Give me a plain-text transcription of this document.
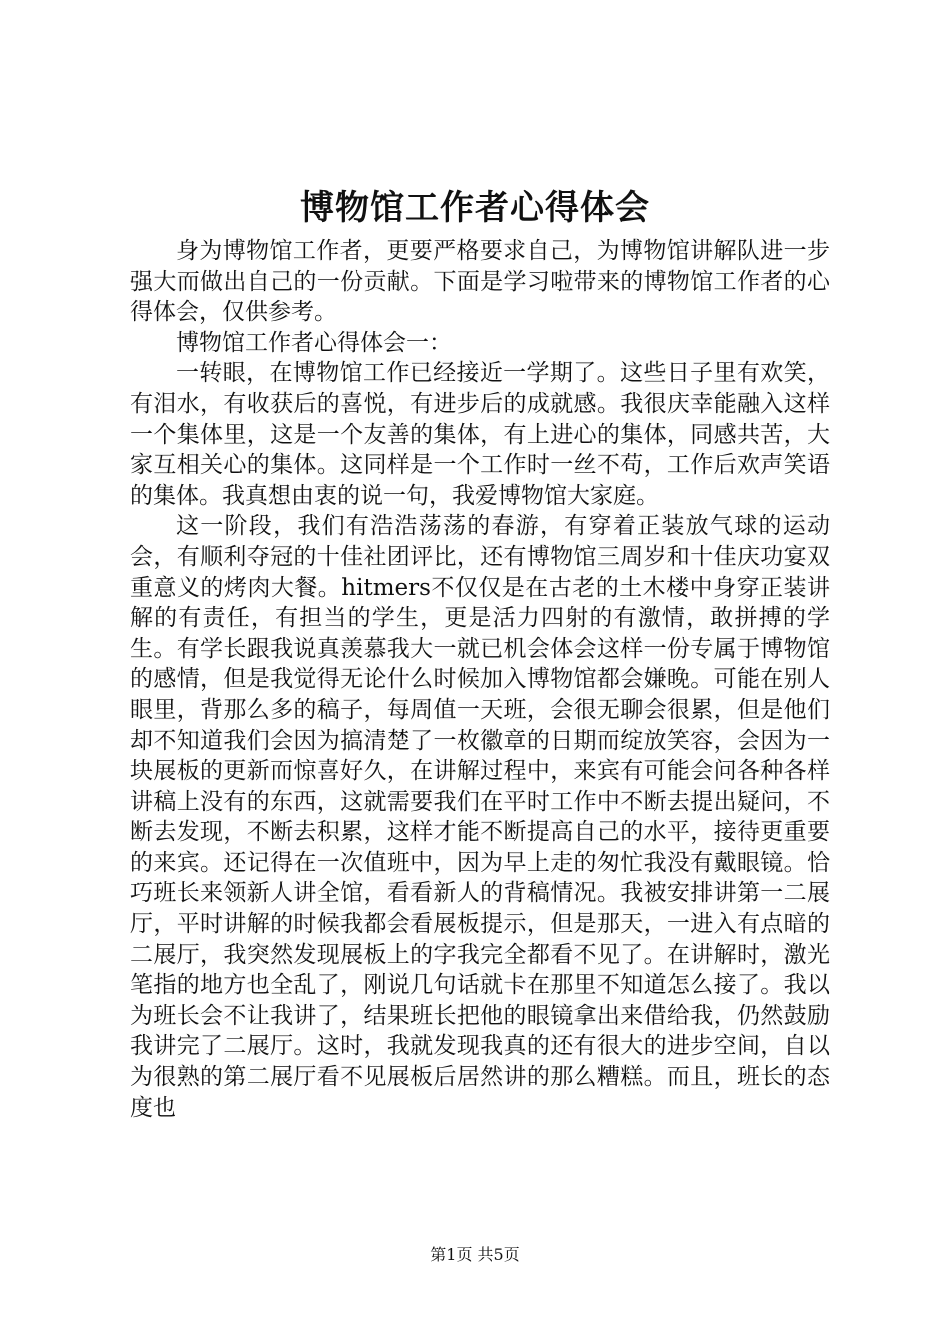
博物馆工作者心得体会

身为博物馆工作者，更要严格要求自己，为博物馆讲解队进一步强大而做出自己的一份贡献。下面是学习啦带来的博物馆工作者的心得体会，仅供参考。

博物馆工作者心得体会一：

一转眼，在博物馆工作已经接近一学期了。这些日子里有欢笑，有泪水，有收获后的喜悦，有进步后的成就感。我很庆幸能融入这样一个集体里，这是一个友善的集体，有上进心的集体，同感共苦，大家互相关心的集体。这同样是一个工作时一丝不苟，工作后欢声笑语的集体。我真想由衷的说一句，我爱博物馆大家庭。

这一阶段，我们有浩浩荡荡的春游，有穿着正装放气球的运动会，有顺利夺冠的十佳社团评比，还有博物馆三周岁和十佳庆功宴双重意义的烤肉大餐。hitmers不仅仅是在古老的土木楼中身穿正装讲解的有责任，有担当的学生，更是活力四射的有激情，敢拼搏的学生。有学长跟我说真羡慕我大一就已机会体会这样一份专属于博物馆的感情，但是我觉得无论什么时候加入博物馆都会嫌晚。可能在别人眼里，背那么多的稿子，每周值一天班，会很无聊会很累，但是他们却不知道我们会因为搞清楚了一枚徽章的日期而绽放笑容，会因为一块展板的更新而惊喜好久，在讲解过程中，来宾有可能会问各种各样讲稿上没有的东西，这就需要我们在平时工作中不断去提出疑问，不断去发现，不断去积累，这样才能不断提高自己的水平，接待更重要的来宾。还记得在一次值班中，因为早上走的匆忙我没有戴眼镜。恰巧班长来领新人讲全馆，看看新人的背稿情况。我被安排讲第一二展厅，平时讲解的时候我都会看展板提示，但是那天，一进入有点暗的二展厅，我突然发现展板上的字我完全都看不见了。在讲解时，激光笔指的地方也全乱了，刚说几句话就卡在那里不知道怎么接了。我以为班长会不让我讲了，结果班长把他的眼镜拿出来借给我，仍然鼓励我讲完了二展厅。这时，我就发现我真的还有很大的进步空间，自以为很熟的第二展厅看不见展板后居然讲的那么糟糕。而且，班长的态度也

第1页 共5页
